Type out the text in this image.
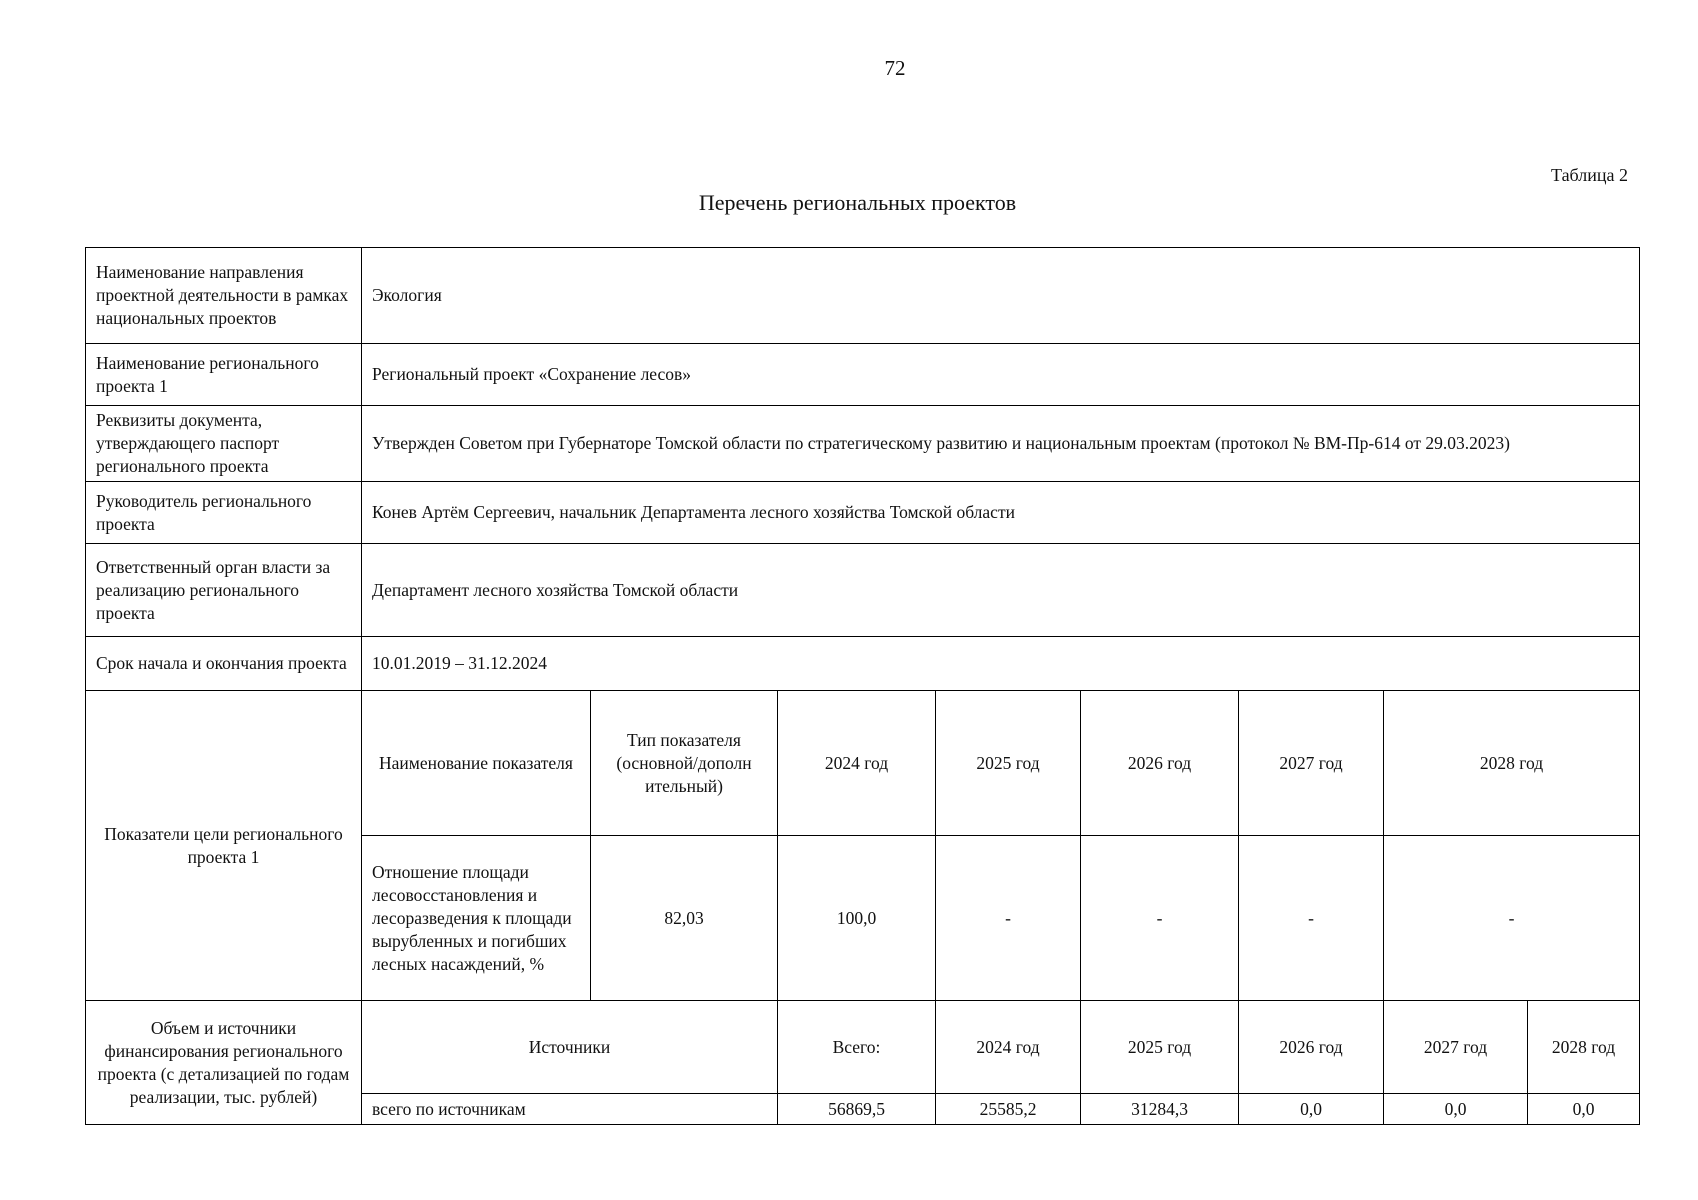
72
Таблица 2
Перечень региональных проектов
Наименование направления проектной деятельности в рамках национальных проектов	Экология							
Наименование регионального проекта 1	Региональный проект «Сохранение лесов»							
Реквизиты документа, утверждающего паспорт регионального проекта	Утвержден Советом при Губернаторе Томской области по стратегическому развитию и национальным проектам (протокол № ВМ-Пр-614 от 29.03.2023)							
Руководитель регионального проекта	Конев Артём Сергеевич, начальник Департамента лесного хозяйства Томской области							
Ответственный орган власти за реализацию регионального проекта	Департамент лесного хозяйства Томской области							
Срок начала и окончания проекта	10.01.2019 – 31.12.2024							
Показатели цели регионального проекта 1	Наименование показателя	Тип показателя (основной/дополн ительный)	2024 год	2025 год	2026 год	2027 год	2028 год	
	Отношение площади лесовосстановления и лесоразведения к площади вырубленных и погибших лесных насаждений, %	82,03	100,0	-	-	-	-	
Объем и источники финансирования регионального проекта (с детализацией по годам реализации, тыс. рублей)	Источники		Всего:	2024 год	2025 год	2026 год	2027 год	2028 год
	всего по источникам		56869,5	25585,2	31284,3	0,0	0,0	0,0
